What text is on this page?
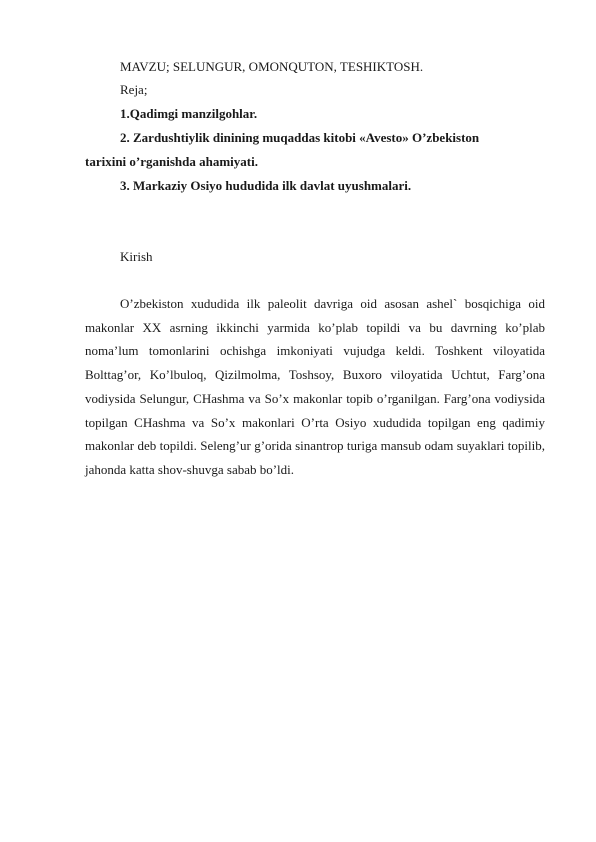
MAVZU; SELUNGUR, OMONQUTON, TESHIKTOSH.
Reja;
1.Qadimgi manzilgohlar.
2. Zardushtiylik dinining muqaddas kitobi «Avesto» O’zbekiston
tarixini o’rganishda ahamiyati.
3. Markaziy Osiyo hududida ilk davlat uyushmalari.
Kirish

O’zbekiston xududida ilk paleolit davriga oid asosan ashel` bosqichiga oid makonlar XX asrning ikkinchi yarmida ko’plab topildi va bu davrning ko’plab noma’lum tomonlarini ochishga imkoniyati vujudga keldi. Toshkent viloyatida Bolttag’or, Ko’lbuloq, Qizilmolma, Toshsoy, Buxoro viloyatida Uchtut, Farg’ona vodiysida Selungur, CHashma va So’x makonlar topib o’rganilgan. Farg’ona vodiysida topilgan CHashma va So’x makonlari O’rta Osiyo xududida topilgan eng qadimiy makonlar deb topildi. Seleng’ur g’orida sinantrop turiga mansub odam suyaklari topilib, jahonda katta shov-shuvga sabab bo’ldi.
